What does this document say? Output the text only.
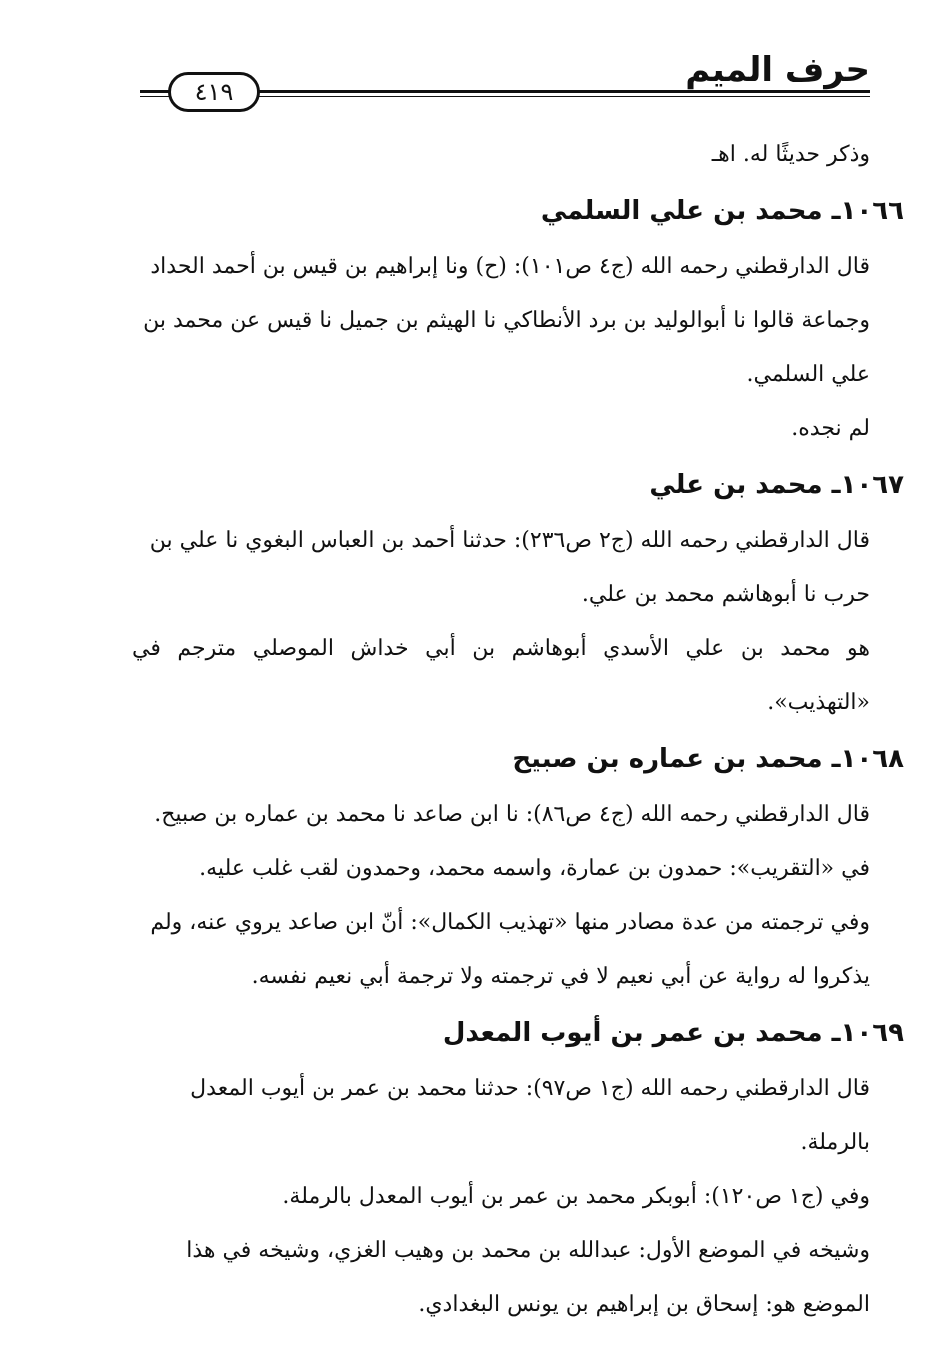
حرف الميم
٤١٩

وذكر حديثًا له. اهـ

١٠٦٦ـ محمد بن علي السلمي

قال الدارقطني رحمه الله (ج٤ ص١٠١): (ح) ونا إبراهيم بن قيس بن أحمد الحداد

وجماعة قالوا نا أبوالوليد بن برد الأنطاكي نا الهيثم بن جميل نا قيس عن محمد بن

علي السلمي.

لم نجده.

١٠٦٧ـ محمد بن علي

قال الدارقطني رحمه الله (ج٢ ص٢٣٦): حدثنا أحمد بن العباس البغوي نا علي بن

حرب نا أبوهاشم محمد بن علي.

هو محمد بن علي الأسدي أبوهاشم بن أبي خداش الموصلي مترجم في «التهذيب».

١٠٦٨ـ محمد بن عماره بن صبيح

قال الدارقطني رحمه الله (ج٤ ص٨٦): نا ابن صاعد نا محمد بن عماره بن صبيح.

في «التقريب»: حمدون بن عمارة، واسمه محمد، وحمدون لقب غلب عليه.

وفي ترجمته من عدة مصادر منها «تهذيب الكمال»: أنّ ابن صاعد يروي عنه، ولم

يذكروا له رواية عن أبي نعيم لا في ترجمته ولا ترجمة أبي نعيم نفسه.

١٠٦٩ـ محمد بن عمر بن أيوب المعدل

قال الدارقطني رحمه الله (ج١ ص٩٧): حدثنا محمد بن عمر بن أيوب المعدل

بالرملة.

وفي (ج١ ص١٢٠): أبوبكر محمد بن عمر بن أيوب المعدل بالرملة.

وشيخه في الموضع الأول: عبدالله بن محمد بن وهيب الغزي، وشيخه في هذا

الموضع هو: إسحاق بن إبراهيم بن يونس البغدادي.
